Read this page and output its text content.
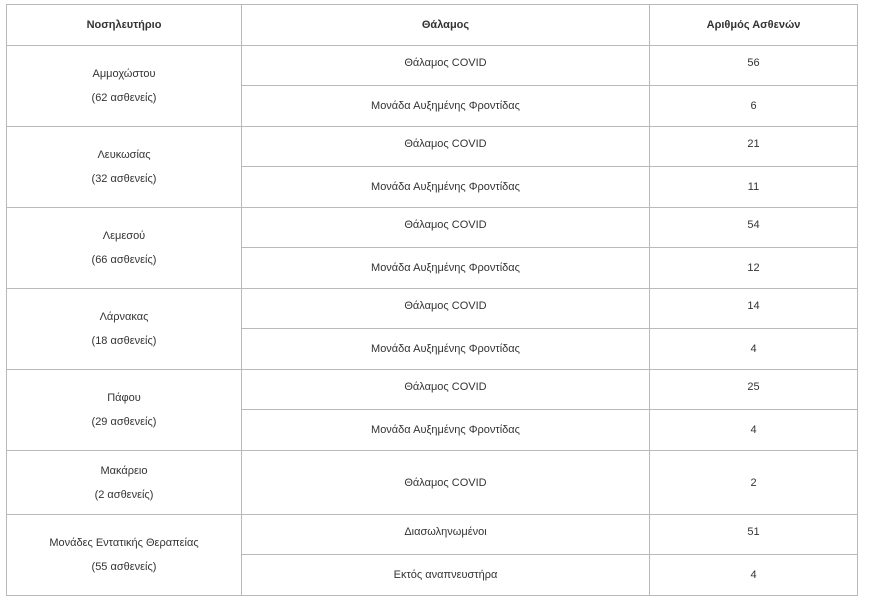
Νοσηλευτήριο	Θάλαμος	Αριθμός Ασθενών

Αμμοχώστου
(62 ασθενείς)	Θάλαμος COVID	56
	Μονάδα Αυξημένης Φροντίδας	6

Λευκωσίας
(32 ασθενείς)	Θάλαμος COVID	21
	Μονάδα Αυξημένης Φροντίδας	11

Λεμεσού
(66 ασθενείς)	Θάλαμος COVID	54
	Μονάδα Αυξημένης Φροντίδας	12

Λάρνακας
(18 ασθενείς)	Θάλαμος COVID	14
	Μονάδα Αυξημένης Φροντίδας	4

Πάφου
(29 ασθενείς)	Θάλαμος COVID	25
	Μονάδα Αυξημένης Φροντίδας	4

Μακάρειο
(2 ασθενείς)	Θάλαμος COVID	2

Μονάδες Εντατικής Θεραπείας
(55 ασθενείς)	Διασωληνωμένοι	51
	Εκτός αναπνευστήρα	4
